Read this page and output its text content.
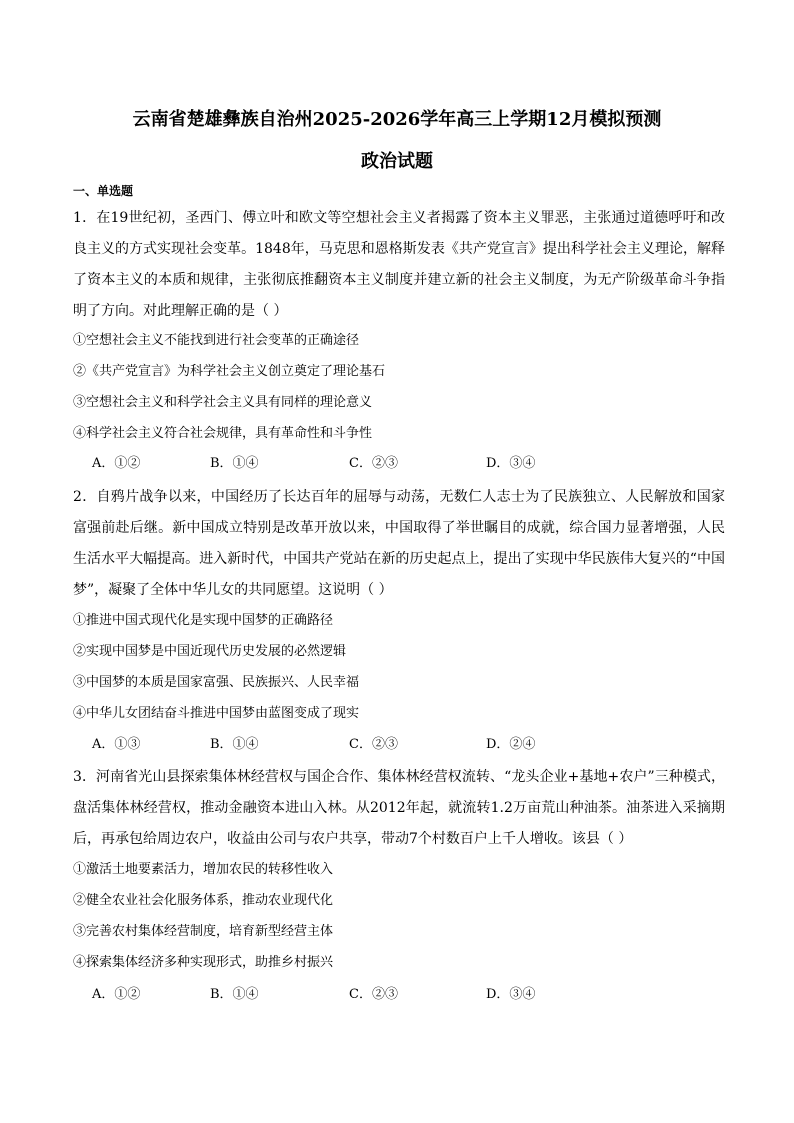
云南省楚雄彝族自治州2025-2026学年高三上学期12月模拟预测
政治试题
一、单选题
1．在19世纪初，圣西门、傅立叶和欧文等空想社会主义者揭露了资本主义罪恶，主张通过道德呼吁和改良主义的方式实现社会变革。1848年，马克思和恩格斯发表《共产党宣言》提出科学社会主义理论，解释了资本主义的本质和规律，主张彻底推翻资本主义制度并建立新的社会主义制度，为无产阶级革命斗争指明了方向。对此理解正确的是（ ）
①空想社会主义不能找到进行社会变革的正确途径
②《共产党宣言》为科学社会主义创立奠定了理论基石
③空想社会主义和科学社会主义具有同样的理论意义
④科学社会主义符合社会规律，具有革命性和斗争性
A．①②	B．①④	C．②③	D．③④
2．自鸦片战争以来，中国经历了长达百年的屈辱与动荡，无数仁人志士为了民族独立、人民解放和国家富强前赴后继。新中国成立特别是改革开放以来，中国取得了举世瞩目的成就，综合国力显著增强，人民生活水平大幅提高。进入新时代，中国共产党站在新的历史起点上，提出了实现中华民族伟大复兴的“中国梦”，凝聚了全体中华儿女的共同愿望。这说明（ ）
①推进中国式现代化是实现中国梦的正确路径
②实现中国梦是中国近现代历史发展的必然逻辑
③中国梦的本质是国家富强、民族振兴、人民幸福
④中华儿女团结奋斗推进中国梦由蓝图变成了现实
A．①③	B．①④	C．②③	D．②④
3．河南省光山县探索集体林经营权与国企合作、集体林经营权流转、“龙头企业+基地+农户”三种模式，盘活集体林经营权，推动金融资本进山入林。从2012年起，就流转1.2万亩荒山种油茶。油茶进入采摘期后，再承包给周边农户，收益由公司与农户共享，带动7个村数百户上千人增收。该县（ ）
①激活土地要素活力，增加农民的转移性收入
②健全农业社会化服务体系，推动农业现代化
③完善农村集体经营制度，培育新型经营主体
④探索集体经济多种实现形式，助推乡村振兴
A．①②	B．①④	C．②③	D．③④
